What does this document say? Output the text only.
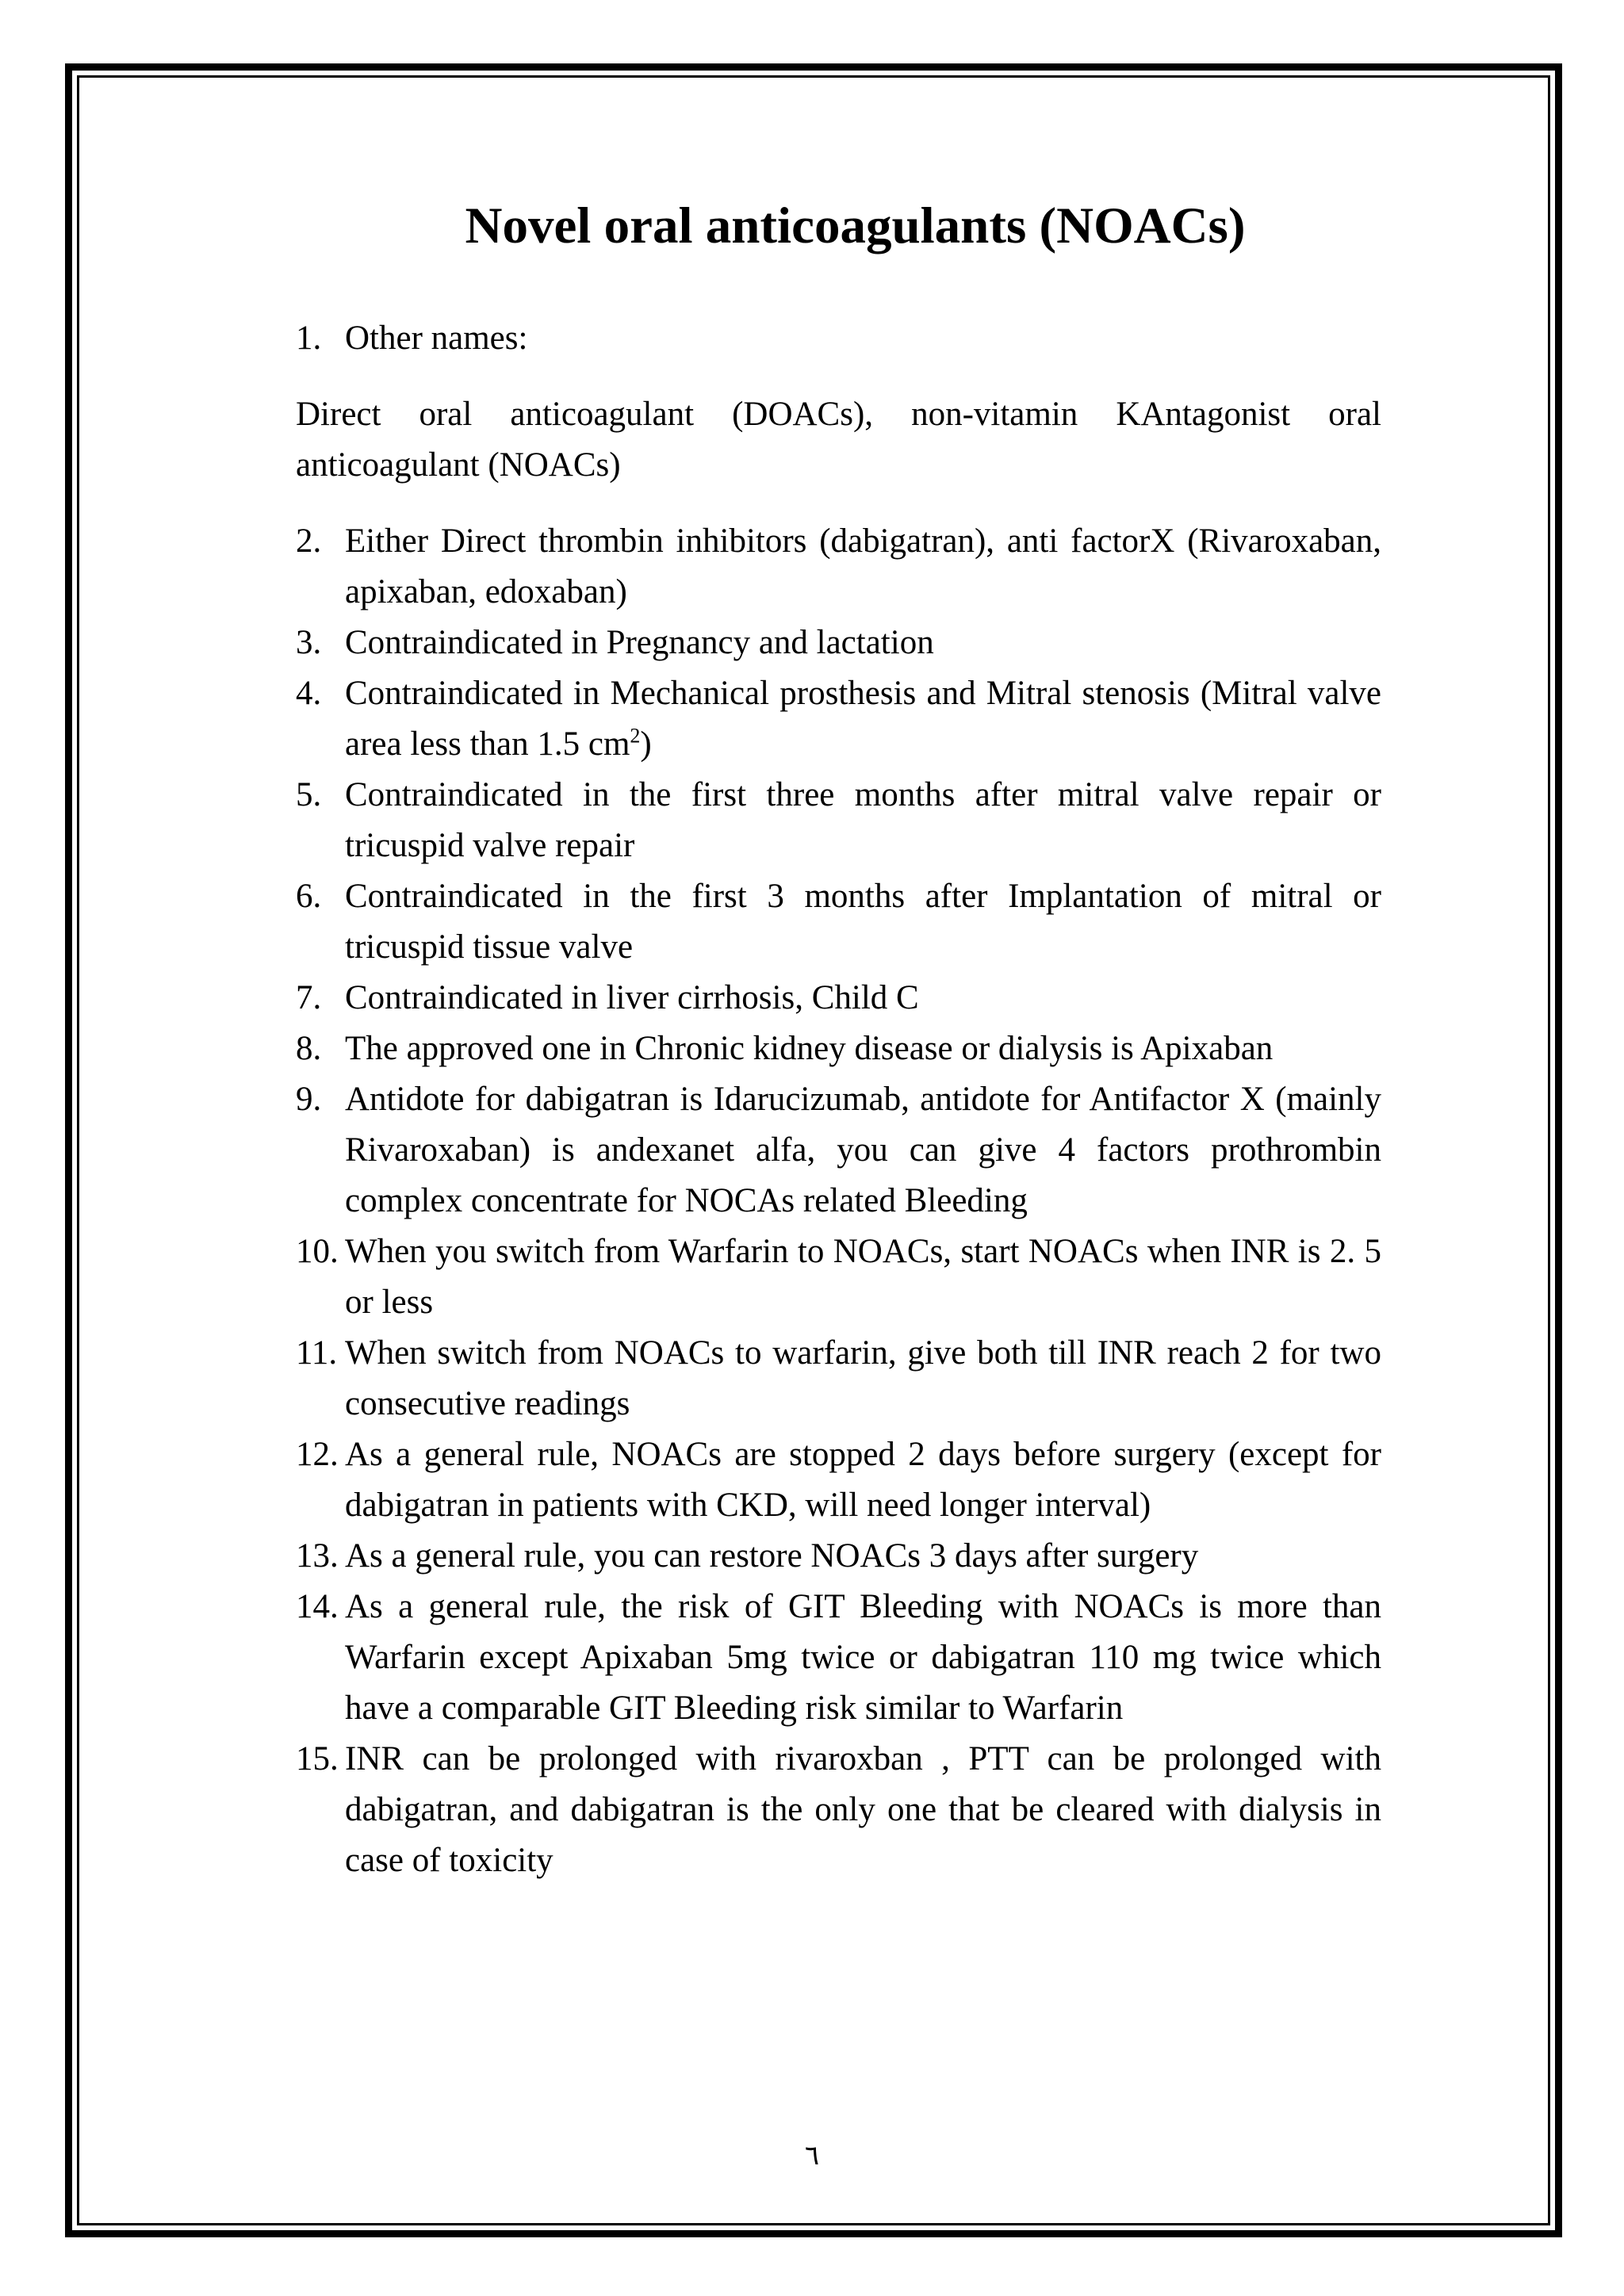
Novel oral anticoagulants (NOACs)
1. Other names:
Direct oral anticoagulant (DOACs), non-vitamin KAntagonist oral anticoagulant (NOACs)
2. Either Direct thrombin inhibitors (dabigatran), anti factorX (Rivaroxaban, apixaban, edoxaban)
3. Contraindicated in Pregnancy and lactation
4. Contraindicated in Mechanical prosthesis and Mitral stenosis (Mitral valve area less than 1.5 $cm^2$)
5. Contraindicated in the first three months after mitral valve repair or tricuspid valve repair
6. Contraindicated in the first 3 months after Implantation of mitral or tricuspid tissue valve
7. Contraindicated in liver cirrhosis, Child C
8. The approved one in Chronic kidney disease or dialysis is Apixaban
9. Antidote for dabigatran is Idarucizumab, antidote for Antifactor X (mainly Rivaroxaban) is andexanet alfa, you can give 4 factors prothrombin complex concentrate for NOCAs related Bleeding
10. When you switch from Warfarin to NOACs, start NOACs when INR is 2. 5 or less
11. When switch from NOACs to warfarin, give both till INR reach 2 for two consecutive readings
12. As a general rule, NOACs are stopped 2 days before surgery (except for dabigatran in patients with CKD, will need longer interval)
13. As a general rule, you can restore NOACs 3 days after surgery
14. As a general rule, the risk of GIT Bleeding with NOACs is more than Warfarin except Apixaban 5mg twice or dabigatran 110 mg twice which have a comparable GIT Bleeding risk similar to Warfarin
15. INR can be prolonged with rivaroxban , PTT can be prolonged with dabigatran, and dabigatran is the only one that be cleared with dialysis in case of toxicity
٦
